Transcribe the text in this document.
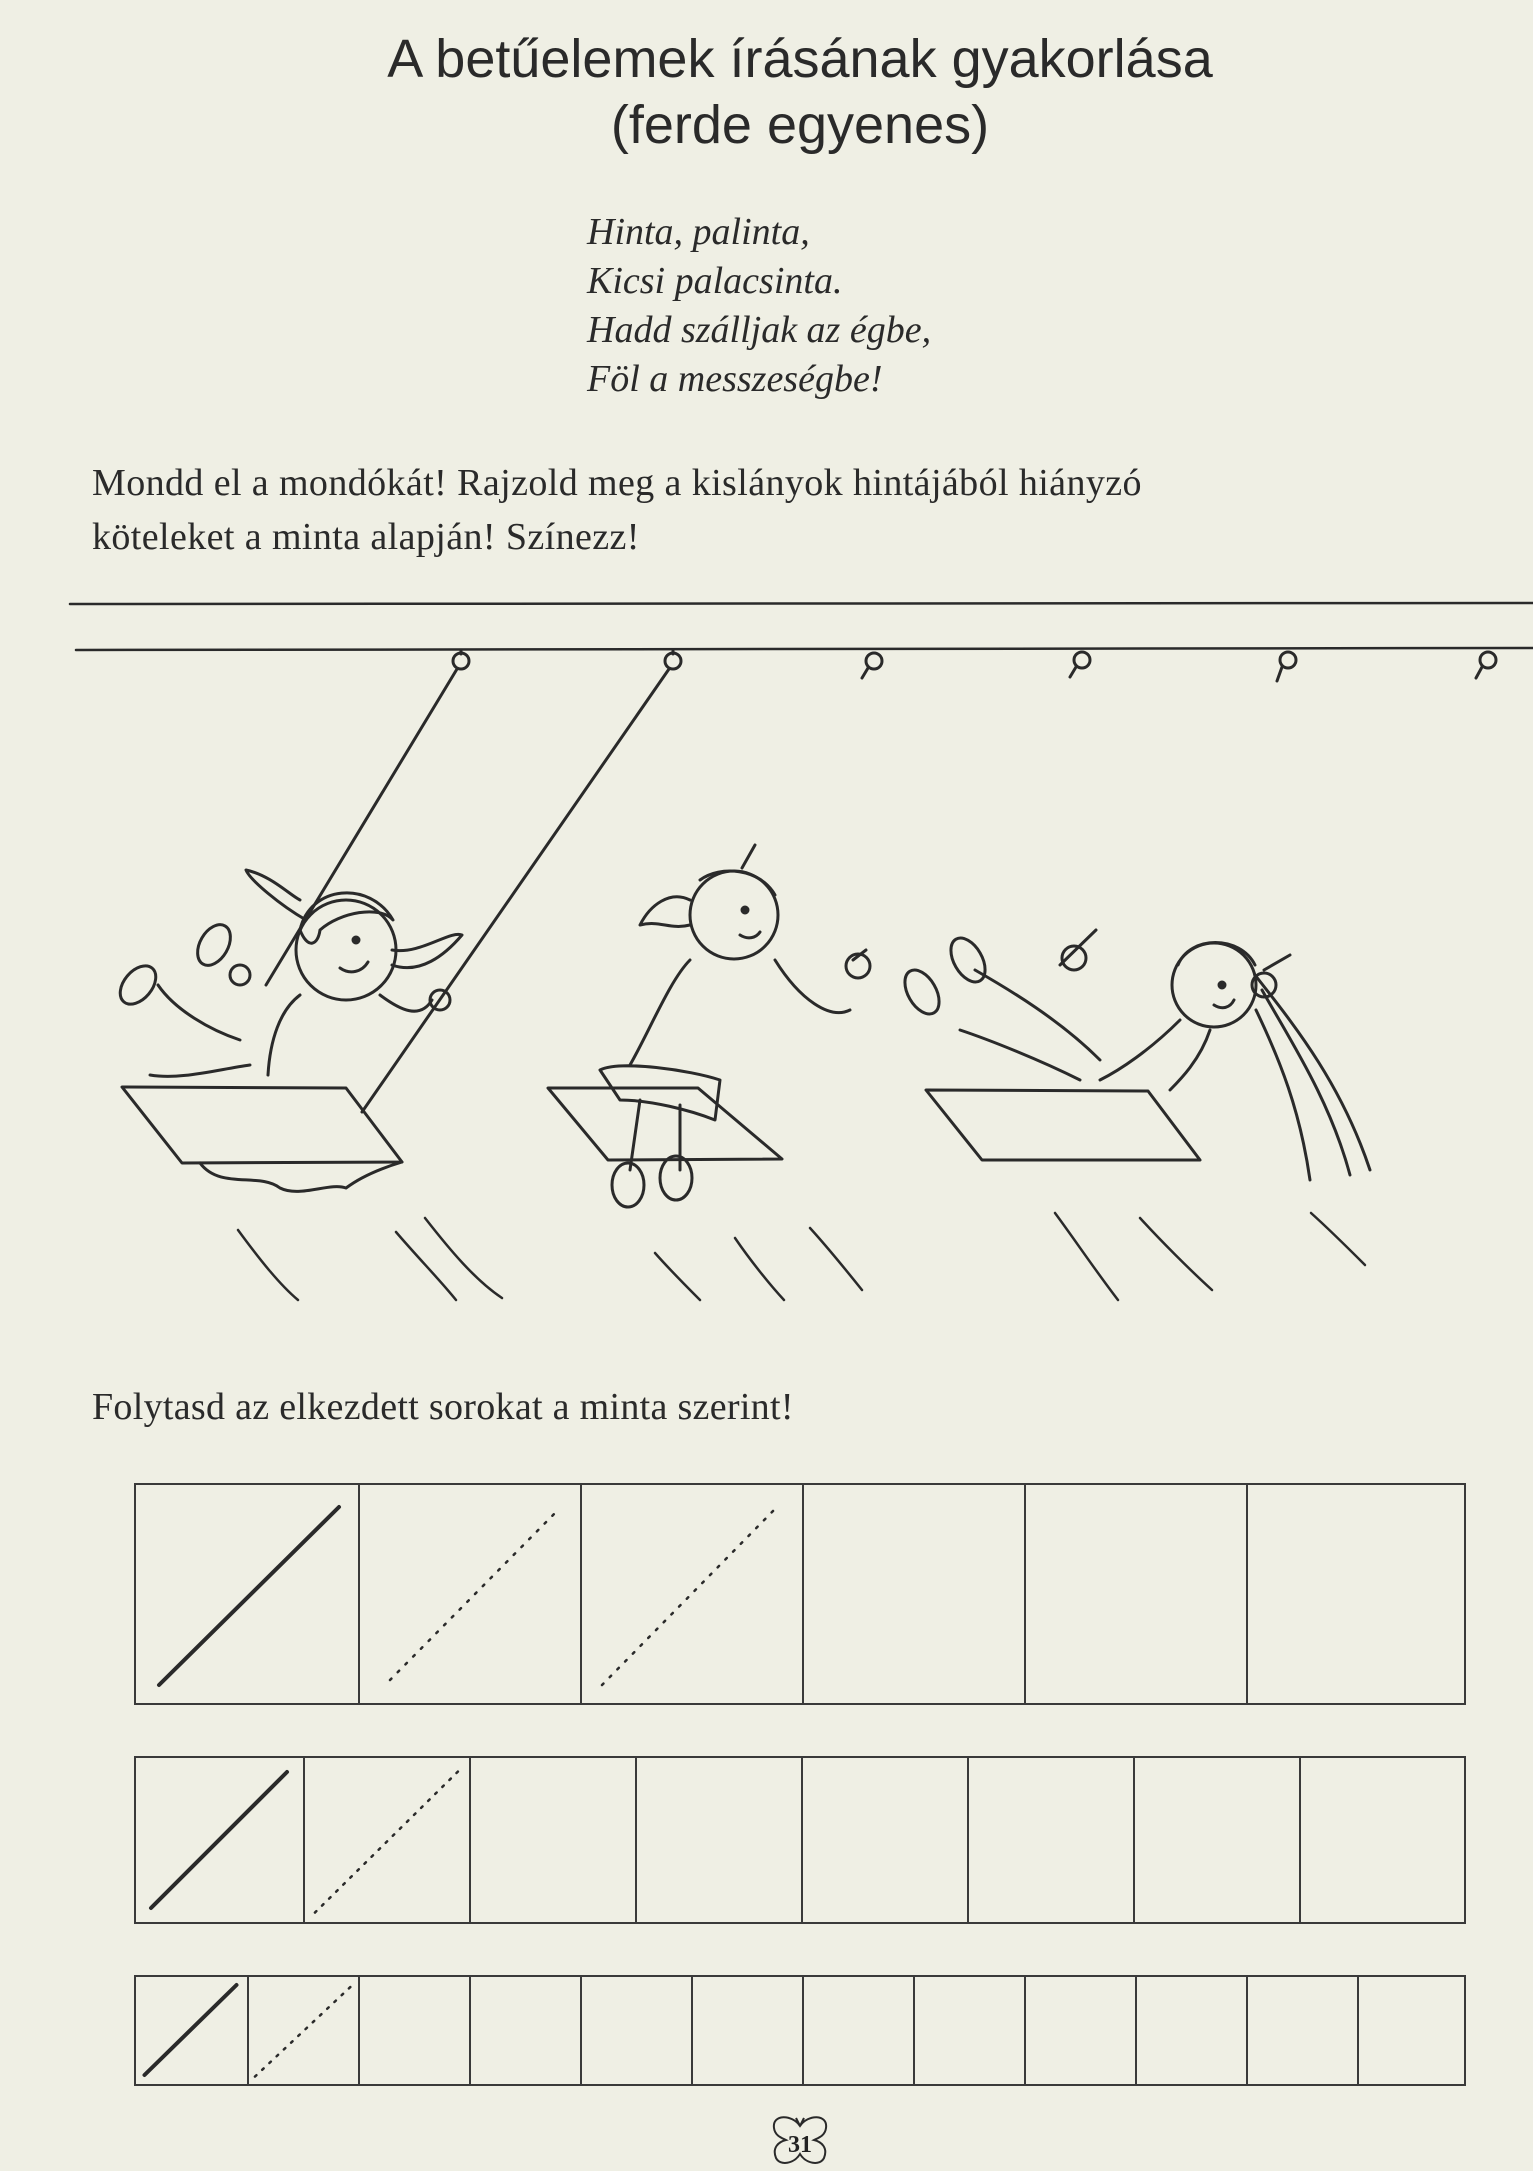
A betűelemek írásának gyakorlása
(ferde egyenes)
Hinta, palinta,
Kicsi palacsinta.
Hadd szálljak az égbe,
Föl a messzeségbe!

Mondd el a mondókát! Rajzold meg a kislányok hintájából hiányzó
köteleket a minta alapján! Színezz!

Folytasd az elkezdett sorokat a minta szerint!

31
